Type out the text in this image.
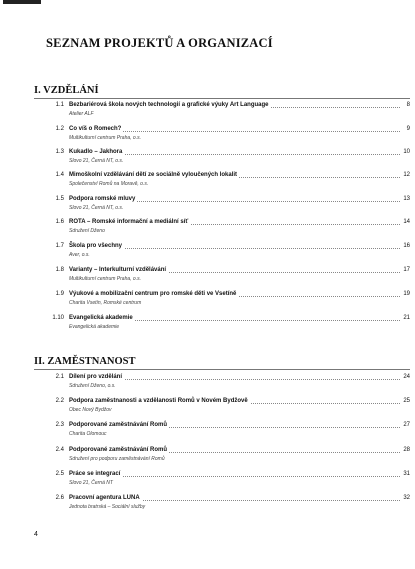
SEZNAM PROJEKTŮ A ORGANIZACÍ
I. VZDĚLÁNÍ
1.1 Bezbariérová škola nových technologií a grafické výuky Art Language
Atelier ALF
8
1.2 Co víš o Romech?
Multikulturní centrum Praha, o.s.
9
1.3 Kukadlo – Jakhora
Slovo 21, Černá NT, o.s.
10
1.4 Mimoškolní vzdělávání dětí ze sociálně vyloučených lokalit
Společenství Romů na Moravě, o.s.
12
1.5 Podpora romské mluvy
Slovo 21, Černá NT, o.s.
13
1.6 ROTA – Romské informační a mediální síť
Sdružení Dženo
14
1.7 Škola pro všechny
Aver, o.s.
16
1.8 Varianty – Interkulturní vzdělávání
Multikulturní centrum Praha, o.s.
17
1.9 Výukové a mobilizační centrum pro romské děti ve Vsetíně
Charita Vsetín, Romské centrum
19
1.10 Evangelická akademie
Evangelická akademie
21
II. ZAMĚSTNANOST
2.1 Dílení pro vzdělání
Sdružení Dženo, o.s.
24
2.2 Podpora zaměstnanosti a vzdělanosti Romů v Novém Bydžově
Obec Nový Bydžov
25
2.3 Podporované zaměstnávání Romů
Charita Olomouc
27
2.4 Podporované zaměstnávání Romů
Sdružení pro podporu zaměstnávání Romů
28
2.5 Práce se integrací
Slovo 21, Černá NT
31
2.6 Pracovní agentura LUNA
Jednota bratrská – Sociální služby
32
4
